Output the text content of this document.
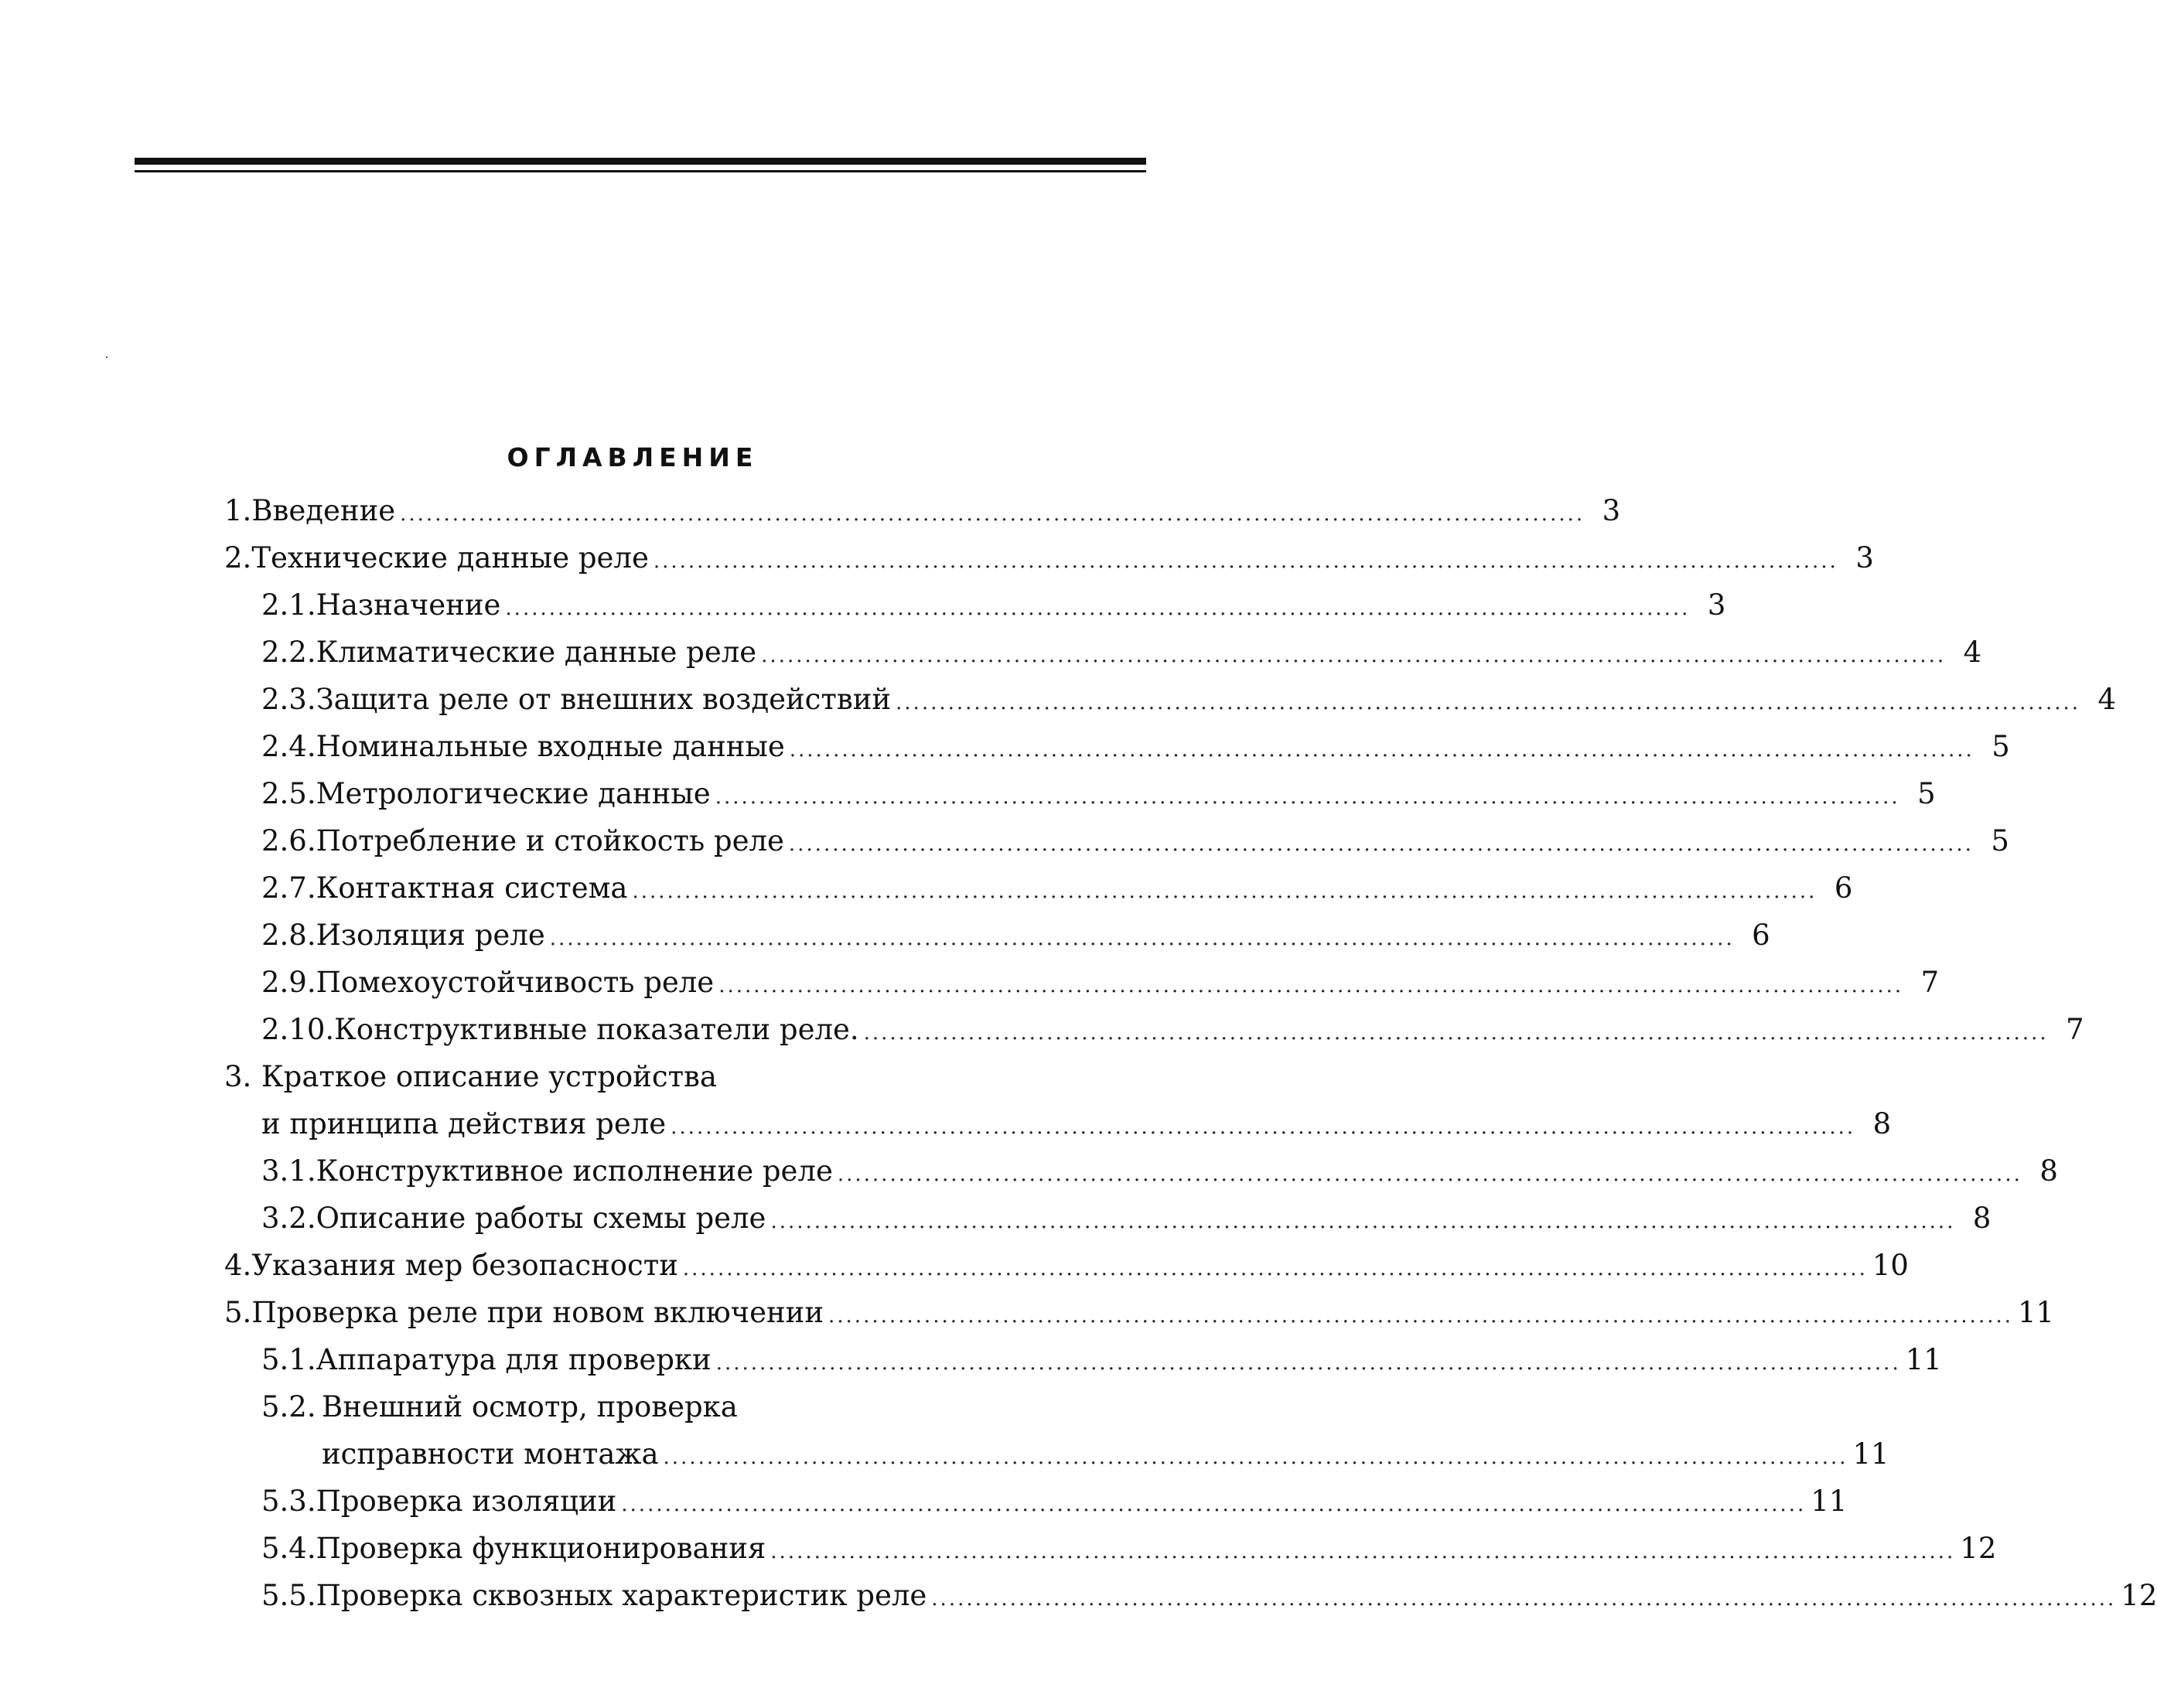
ОГЛАВЛЕНИЕ
1. Введение ........................................................................................................................................ 3
2. Технические данные реле ........................................................................................................................................ 3
2.1. Назначение ........................................................................................................................................ 3
2.2. Климатические данные реле ........................................................................................................................................ 4
2.3. Защита реле от внешних воздействий ........................................................................................................................................ 4
2.4. Номинальные входные данные ........................................................................................................................................ 5
2.5. Метрологические данные ........................................................................................................................................ 5
2.6. Потребление и стойкость реле ........................................................................................................................................ 5
2.7. Контактная система ........................................................................................................................................ 6
2.8. Изоляция реле ........................................................................................................................................ 6
2.9. Помехоустойчивость реле ........................................................................................................................................ 7
2.10. Конструктивные показатели реле. ........................................................................................................................................ 7
3. Краткое описание устройства
и принципа действия реле ........................................................................................................................................ 8
3.1. Конструктивное исполнение реле ........................................................................................................................................ 8
3.2. Описание работы схемы реле ........................................................................................................................................ 8
4. Указания мер безопасности ........................................................................................................................................ 10
5. Проверка реле при новом включении ........................................................................................................................................ 11
5.1. Аппаратура для проверки ........................................................................................................................................ 11
5.2. Внешний осмотр, проверка
исправности монтажа ........................................................................................................................................ 11
5.3. Проверка изоляции ........................................................................................................................................ 11
5.4. Проверка функционирования ........................................................................................................................................ 12
5.5. Проверка сквозных характеристик реле ........................................................................................................................................ 12
